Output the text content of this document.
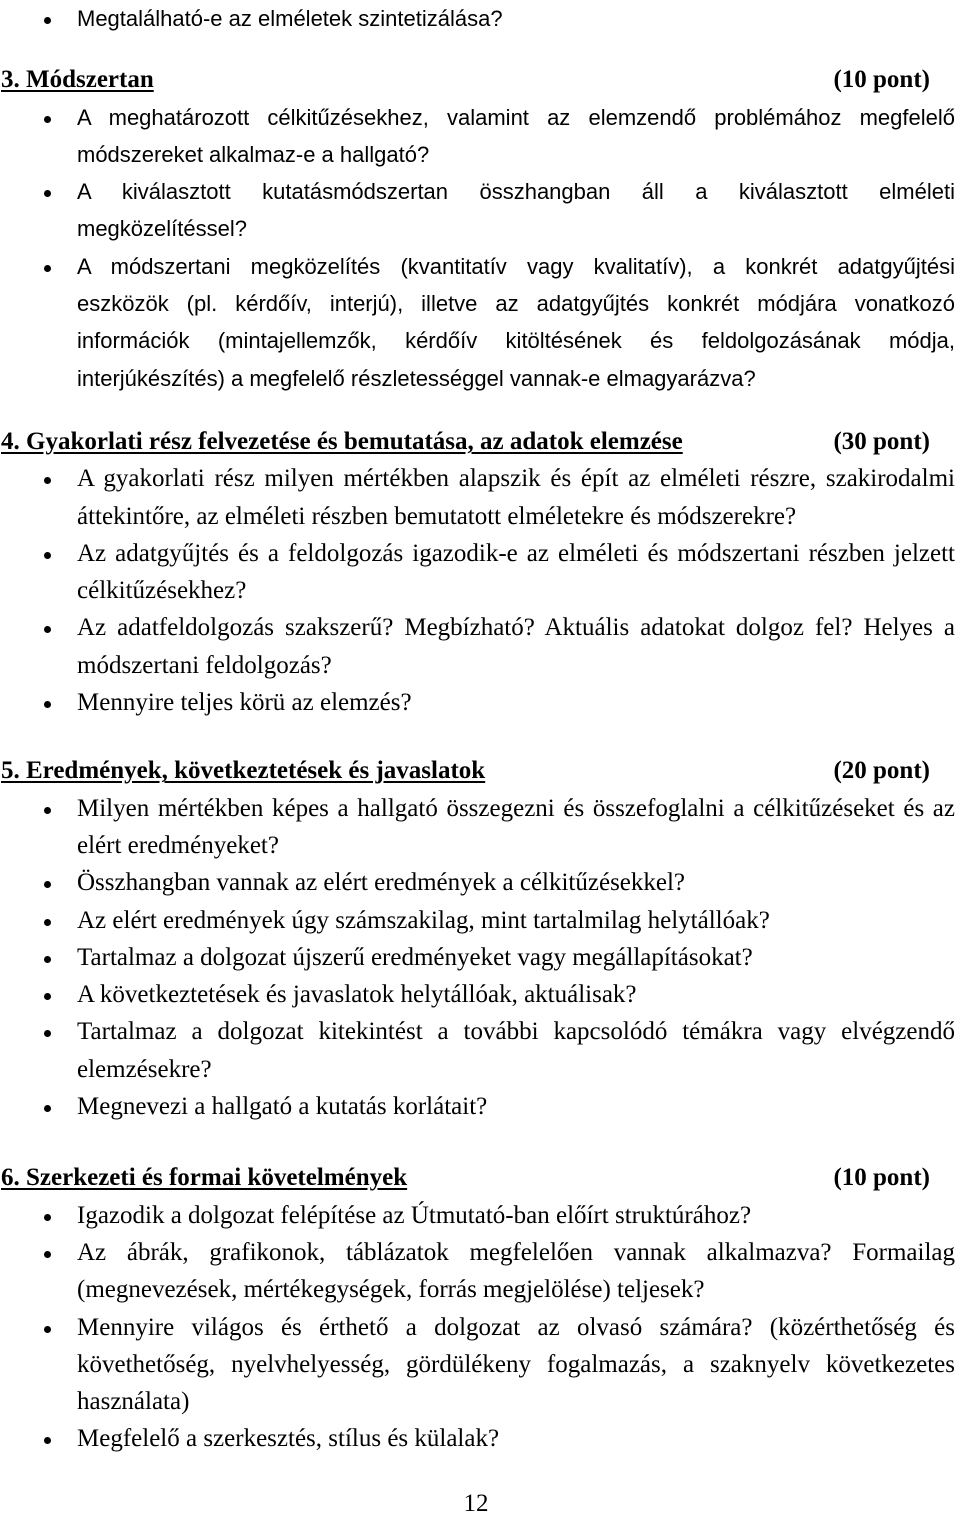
Megtalálható-e az elméletek szintetizálása?
3. Módszertan	(10 pont)
A meghatározott célkitűzésekhez, valamint az elemzendő problémához megfelelő
módszereket alkalmaz-e a hallgató?
A kiválasztott kutatásmódszertan összhangban áll a kiválasztott elméleti
megközelítéssel?
A módszertani megközelítés (kvantitatív vagy kvalitatív), a konkrét adatgyűjtési
eszközök (pl. kérdőív, interjú), illetve az adatgyűjtés konkrét módjára vonatkozó
információk (mintajellemzők, kérdőív kitöltésének és feldolgozásának módja,
interjúkészítés) a megfelelő részletességgel vannak-e elmagyarázva?
4. Gyakorlati rész felvezetése és bemutatása, az adatok elemzése	(30 pont)
A gyakorlati rész milyen mértékben alapszik és épít az elméleti részre, szakirodalmi
áttekintőre, az elméleti részben bemutatott elméletekre és módszerekre?
Az adatgyűjtés és a feldolgozás igazodik-e az elméleti és módszertani részben jelzett
célkitűzésekhez?
Az adatfeldolgozás szakszerű? Megbízható? Aktuális adatokat dolgoz fel? Helyes a
módszertani feldolgozás?
Mennyire teljes körü az elemzés?
5. Eredmények, következtetések és javaslatok	(20 pont)
Milyen mértékben képes a hallgató összegezni és összefoglalni a célkitűzéseket és az
elért eredményeket?
Összhangban vannak az elért eredmények a célkitűzésekkel?
Az elért eredmények úgy számszakilag, mint tartalmilag helytállóak?
Tartalmaz a dolgozat újszerű eredményeket vagy megállapításokat?
A következtetések és javaslatok helytállóak, aktuálisak?
Tartalmaz a dolgozat kitekintést a további kapcsolódó témákra vagy elvégzendő
elemzésekre?
Megnevezi a hallgató a kutatás korlátait?
6. Szerkezeti és formai követelmények	(10 pont)
Igazodik a dolgozat felépítése az Útmutató-ban előírt struktúrához?
Az ábrák, grafikonok, táblázatok megfelelően vannak alkalmazva? Formailag
(megnevezések, mértékegységek, forrás megjelölése) teljesek?
Mennyire világos és érthető a dolgozat az olvasó számára? (közérthetőség és
követhetőség, nyelvhelyesség, gördülékeny fogalmazás, a szaknyelv következetes
használata)
Megfelelő a szerkesztés, stílus és külalak?
12
